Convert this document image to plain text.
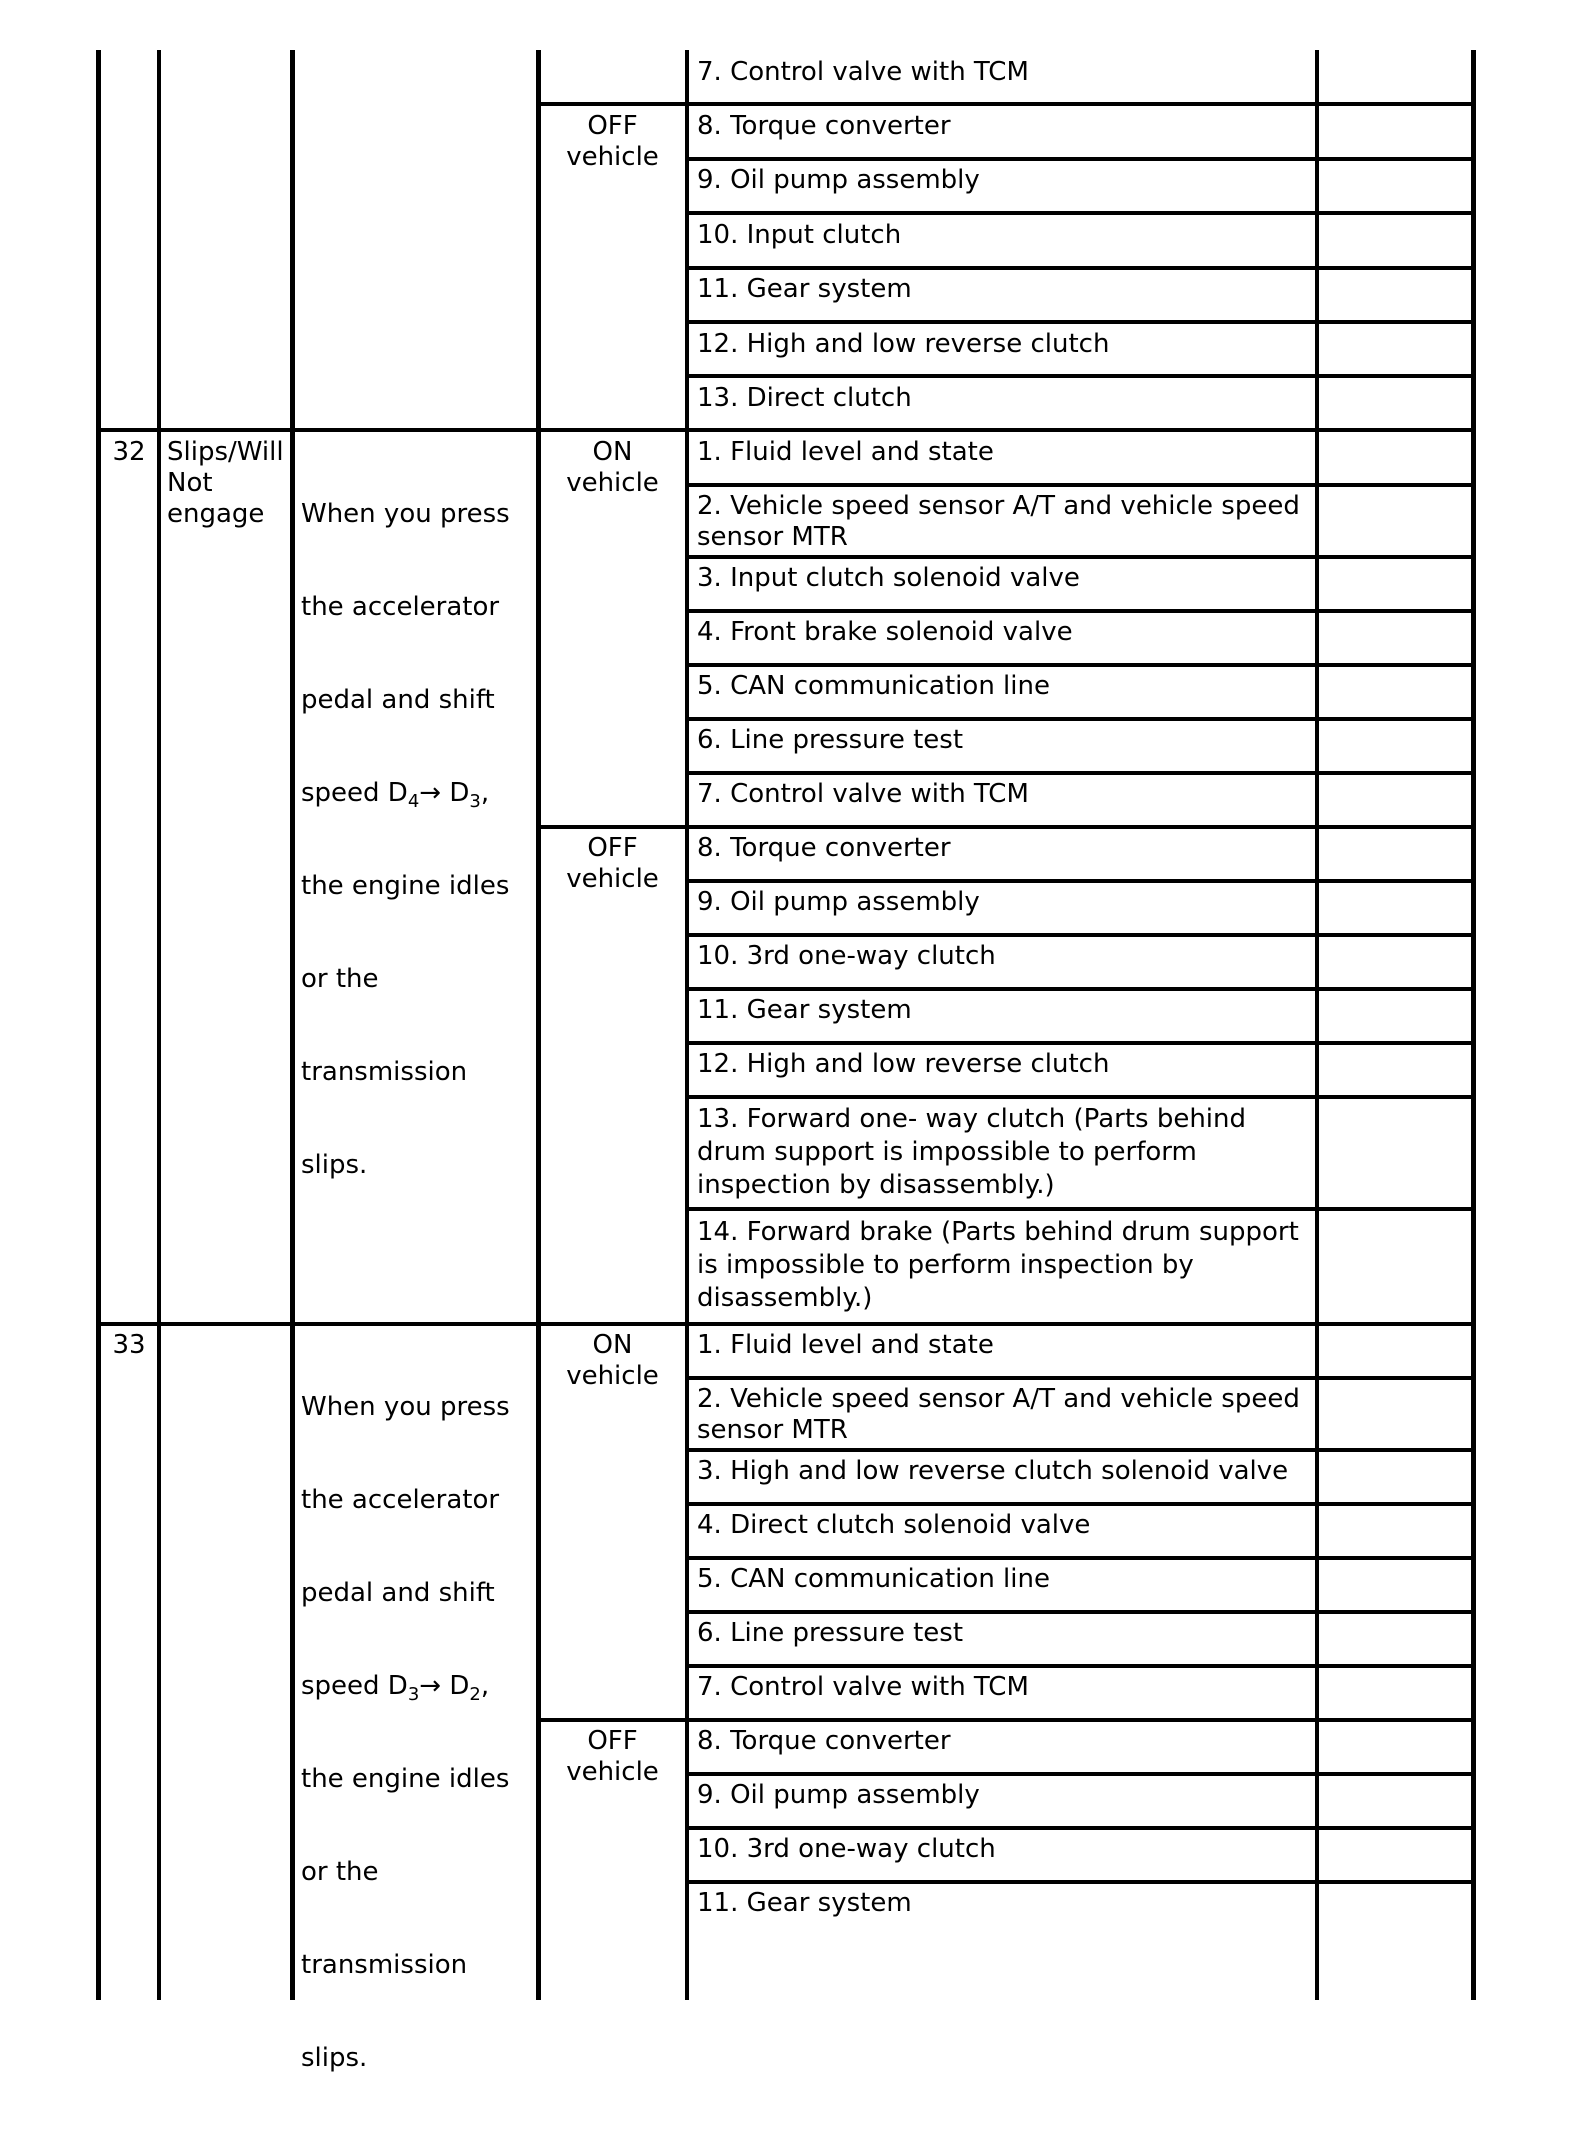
7. Control valve with TCM
OFF
vehicle
8. Torque converter
9. Oil pump assembly
10. Input clutch
11. Gear system
12. High and low reverse clutch
13. Direct clutch
32 Slips/Will
Not engage

	When you press

the accelerator

pedal and shift

speed $D_4\to D_3$,

the engine idles

or the

transmission

slips.

ON
vehicle
1. Fluid level and state
2. Vehicle speed sensor A/T and vehicle speed sensor MTR
3. Input clutch solenoid valve
4. Front brake solenoid valve
5. CAN communication line
6. Line pressure test
7. Control valve with TCM
OFF
vehicle
8. Torque converter
9. Oil pump assembly
10. 3rd one-way clutch
11. Gear system
12. High and low reverse clutch
13. Forward one- way clutch (Parts behind drum support is impossible to perform inspection by disassembly.)
14. Forward brake (Parts behind drum support is impossible to perform inspection by disassembly.)
33

When you press

the accelerator

pedal and shift

speed $D_3\to D_2$,

the engine idles

or the

transmission

slips.

ON
vehicle
1. Fluid level and state
2. Vehicle speed sensor A/T and vehicle speed sensor MTR
3. High and low reverse clutch solenoid valve
4. Direct clutch solenoid valve
5. CAN communication line
6. Line pressure test
7. Control valve with TCM
OFF
vehicle
8. Torque converter
9. Oil pump assembly
10. 3rd one-way clutch
11. Gear system
